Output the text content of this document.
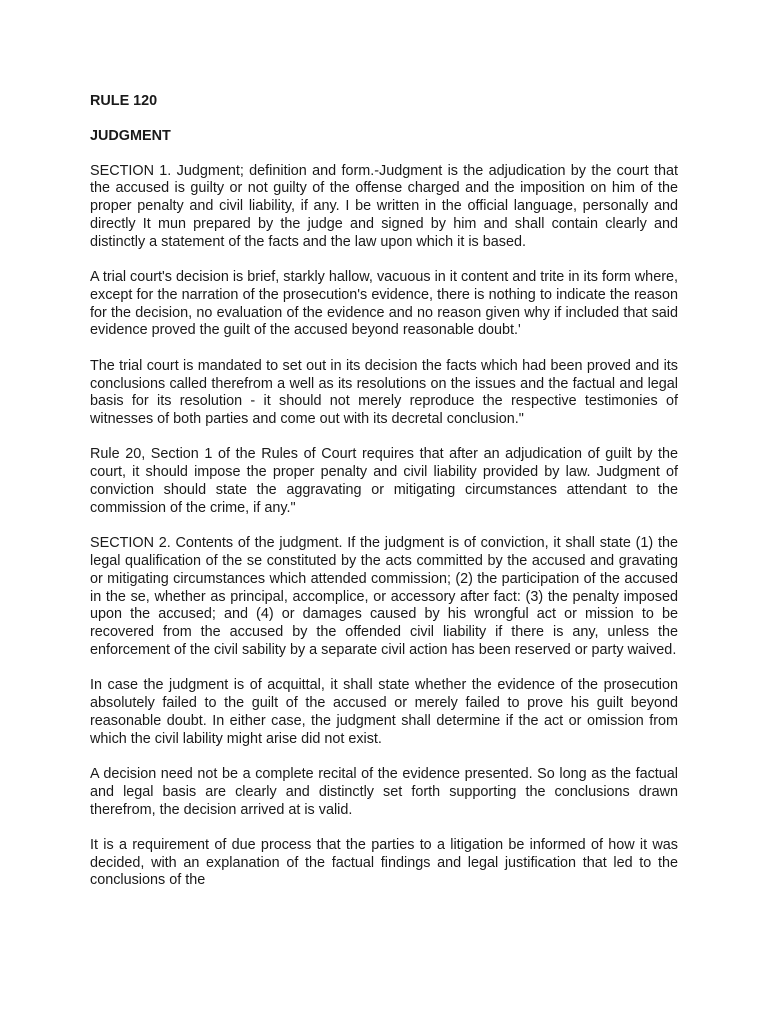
RULE 120

JUDGMENT

SECTION 1. Judgment; definition and form.-Judgment is the adjudication by the court that the accused is guilty or not guilty of the offense charged and the imposition on him of the proper penalty and civil liability, if any. I be written in the official language, personally and directly It mun prepared by the judge and signed by him and shall contain clearly and distinctly a statement of the facts and the law upon which it is based.

A trial court's decision is brief, starkly hallow, vacuous in it content and trite in its form where, except for the narration of the prosecution's evidence, there is nothing to indicate the reason for the decision, no evaluation of the evidence and no reason given why if included that said evidence proved the guilt of the accused beyond reasonable doubt.'

The trial court is mandated to set out in its decision the facts which had been proved and its conclusions called therefrom a well as its resolutions on the issues and the factual and legal basis for its resolution - it should not merely reproduce the respective testimonies of witnesses of both parties and come out with its decretal conclusion."

Rule 20, Section 1 of the Rules of Court requires that after an adjudication of guilt by the court, it should impose the proper penalty and civil liability provided by law. Judgment of conviction should state the aggravating or mitigating circumstances attendant to the commission of the crime, if any."

SECTION 2. Contents of the judgment. If the judgment is of conviction, it shall state (1) the legal qualification of the se constituted by the acts committed by the accused and gravating or mitigating circumstances which attended commission; (2) the participation of the accused in the se, whether as principal, accomplice, or accessory after fact: (3) the penalty imposed upon the accused; and (4) or damages caused by his wrongful act or mission to be recovered from the accused by the offended civil liability if there is any, unless the enforcement of the civil sability by a separate civil action has been reserved or party waived.

In case the judgment is of acquittal, it shall state whether the evidence of the prosecution absolutely failed to the guilt of the accused or merely failed to prove his guilt beyond reasonable doubt. In either case, the judgment shall determine if the act or omission from which the civil lability might arise did not exist.

A decision need not be a complete recital of the evidence presented. So long as the factual and legal basis are clearly and distinctly set forth supporting the conclusions drawn therefrom, the decision arrived at is valid.

It is a requirement of due process that the parties to a litigation be informed of how it was decided, with an explanation of the factual findings and legal justification that led to the conclusions of the
